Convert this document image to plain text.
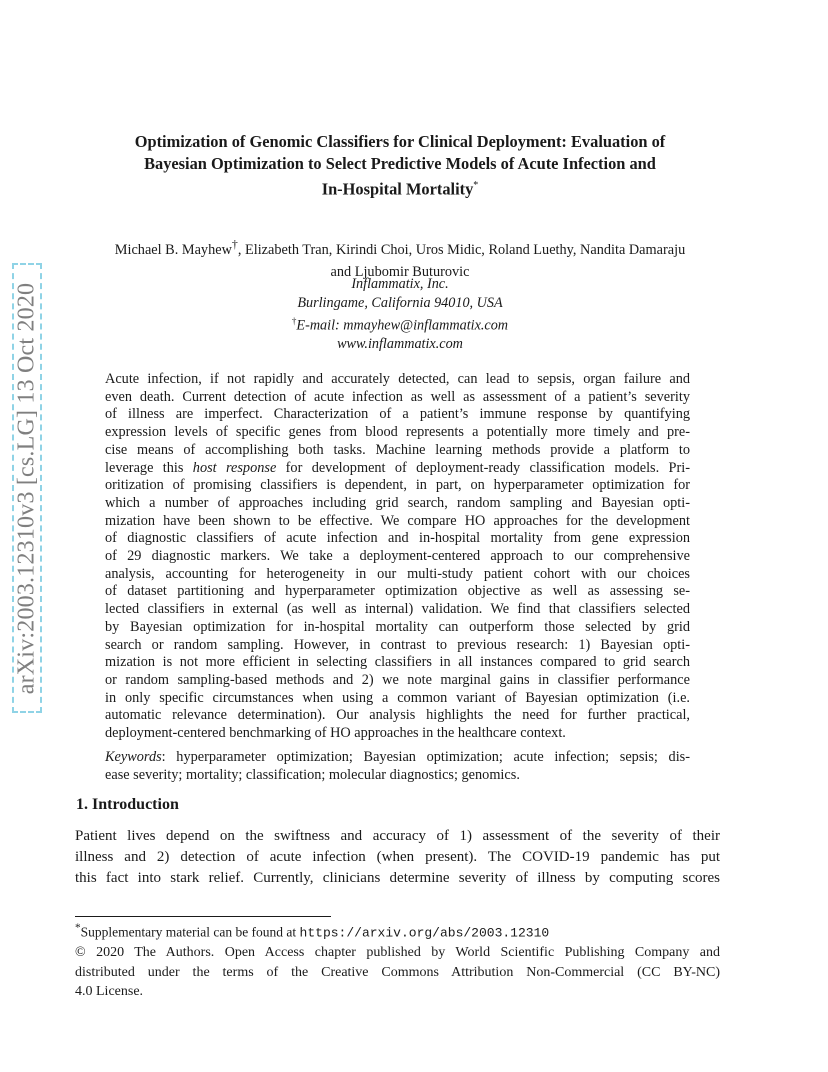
arXiv:2003.12310v3 [cs.LG] 13 Oct 2020
Optimization of Genomic Classifiers for Clinical Deployment: Evaluation of
Bayesian Optimization to Select Predictive Models of Acute Infection and
In-Hospital Mortality*
Michael B. Mayhew†, Elizabeth Tran, Kirindi Choi, Uros Midic, Roland Luethy, Nandita Damaraju
and Ljubomir Buturovic
Inflammatix, Inc.
Burlingame, California 94010, USA
†E-mail: mmayhew@inflammatix.com
www.inflammatix.com
Acute infection, if not rapidly and accurately detected, can lead to sepsis, organ failure and
even death. Current detection of acute infection as well as assessment of a patient’s severity
of illness are imperfect. Characterization of a patient’s immune response by quantifying
expression levels of specific genes from blood represents a potentially more timely and pre-
cise means of accomplishing both tasks. Machine learning methods provide a platform to
leverage this host response for development of deployment-ready classification models. Pri-
oritization of promising classifiers is dependent, in part, on hyperparameter optimization for
which a number of approaches including grid search, random sampling and Bayesian opti-
mization have been shown to be effective. We compare HO approaches for the development
of diagnostic classifiers of acute infection and in-hospital mortality from gene expression
of 29 diagnostic markers. We take a deployment-centered approach to our comprehensive
analysis, accounting for heterogeneity in our multi-study patient cohort with our choices
of dataset partitioning and hyperparameter optimization objective as well as assessing se-
lected classifiers in external (as well as internal) validation. We find that classifiers selected
by Bayesian optimization for in-hospital mortality can outperform those selected by grid
search or random sampling. However, in contrast to previous research: 1) Bayesian opti-
mization is not more efficient in selecting classifiers in all instances compared to grid search
or random sampling-based methods and 2) we note marginal gains in classifier performance
in only specific circumstances when using a common variant of Bayesian optimization (i.e.
automatic relevance determination). Our analysis highlights the need for further practical,
deployment-centered benchmarking of HO approaches in the healthcare context.
Keywords: hyperparameter optimization; Bayesian optimization; acute infection; sepsis; dis-
ease severity; mortality; classification; molecular diagnostics; genomics.
1. Introduction
Patient lives depend on the swiftness and accuracy of 1) assessment of the severity of their
illness and 2) detection of acute infection (when present). The COVID-19 pandemic has put
this fact into stark relief. Currently, clinicians determine severity of illness by computing scores
*Supplementary material can be found at https://arxiv.org/abs/2003.12310
© 2020 The Authors. Open Access chapter published by World Scientific Publishing Company and
distributed under the terms of the Creative Commons Attribution Non-Commercial (CC BY-NC)
4.0 License.
